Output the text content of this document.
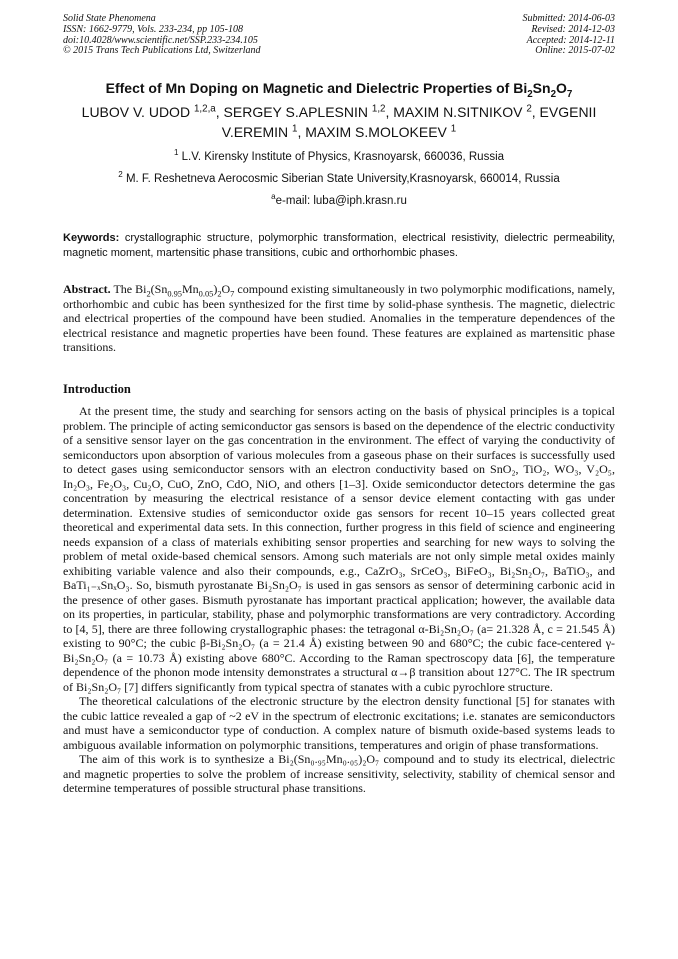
Solid State Phenomena
ISSN: 1662-9779, Vols. 233-234, pp 105-108
doi:10.4028/www.scientific.net/SSP.233-234.105
© 2015 Trans Tech Publications Ltd, Switzerland
Submitted: 2014-06-03
Revised: 2014-12-03
Accepted: 2014-12-11
Online: 2015-07-02
Effect of Mn Doping on Magnetic and Dielectric Properties of $Bi_2Sn_2O_7$
LUBOV V. UDOD $^{1,2,a}$, SERGEY S.APLESNIN $^{1,2}$, MAXIM N.SITNIKOV $^2$, EVGENII V.EREMIN $^1$, MAXIM S.MOLOKEEV $^1$
$^1$ L.V. Kirensky Institute of Physics, Krasnoyarsk, 660036, Russia
$^2$ M. F. Reshetneva Aerocosmic Siberian State University,Krasnoyarsk, 660014, Russia
$^a$e-mail: luba@iph.krasn.ru
Keywords: crystallographic structure, polymorphic transformation, electrical resistivity, dielectric permeability, magnetic moment, martensitic phase transitions, cubic and orthorhombic phases.
Abstract. The $Bi_2(Sn_{0.95}Mn_{0.05})_2O_7$ compound existing simultaneously in two polymorphic modifications, namely, orthorhombic and cubic has been synthesized for the first time by solid-phase synthesis. The magnetic, dielectric and electrical properties of the compound have been studied. Anomalies in the temperature dependences of the electrical resistance and magnetic properties have been found. These features are explained as martensitic phase transitions.
Introduction

At the present time, the study and searching for sensors acting on the basis of physical principles is a topical problem. The principle of acting semiconductor gas sensors is based on the dependence of the electric conductivity of a sensitive sensor layer on the gas concentration in the environment. The effect of varying the conductivity of semiconductors upon absorption of various molecules from a gaseous phase on their surfaces is successfully used to detect gases using semiconductor sensors with an electron conductivity based on SnO₂, TiO₂, WO₃, V₂O₅, In₂O₃, Fe₂O₃, Cu₂O, CuO, ZnO, CdO, NiO, and others [1–3]. Oxide semiconductor detectors determine the gas concentration by measuring the electrical resistance of a sensor device element contacting with gas under determination. Extensive studies of semiconductor oxide gas sensors for recent 10–15 years collected great theoretical and experimental data sets. In this connection, further progress in this field of science and engineering needs expansion of a class of materials exhibiting sensor properties and searching for new ways to solving the problem of metal oxide-based chemical sensors. Among such materials are not only simple metal oxides mainly exhibiting variable valence and also their compounds, e.g., CaZrO₃, SrCeO₃, BiFeO₃, Bi₂Sn₂O₇, BaTiO₃, and BaTi₁₋ₓSnₓO₃. So, bismuth pyrostanate Bi₂Sn₂O₇ is used in gas sensors as sensor of determining carbonic acid in the presence of other gases. Bismuth pyrostanate has important practical application; however, the available data on its properties, in particular, stability, phase and polymorphic transformations are very contradictory. According to [4, 5], there are three following crystallographic phases: the tetragonal α-Bi₂Sn₂O₇ (a= 21.328 Å, c = 21.545 Å) existing to 90°C; the cubic β-Bi₂Sn₂O₇ (a = 21.4 Å) existing between 90 and 680°C; the cubic face-centered γ-Bi₂Sn₂O₇ (a = 10.73 Å) existing above 680°C. According to the Raman spectroscopy data [6], the temperature dependence of the phonon mode intensity demonstrates a structural α→β transition about 127°C. The IR spectrum of Bi₂Sn₂O₇ [7] differs significantly from typical spectra of stanates with a cubic pyrochlore structure.

The theoretical calculations of the electronic structure by the electron density functional [5] for stanates with the cubic lattice revealed a gap of ~2 eV in the spectrum of electronic excitations; i.e. stanates are semiconductors and must have a semiconductor type of conduction. A complex nature of bismuth oxide-based systems leads to ambiguous available information on polymorphic transitions, temperatures and origin of phase transformations.

The aim of this work is to synthesize a Bi₂(Sn₀.₉₅Mn₀.₀₅)₂O₇ compound and to study its electrical, dielectric and magnetic properties to solve the problem of increase sensitivity, selectivity, stability of chemical sensor and determine temperatures of possible structural phase transitions.
